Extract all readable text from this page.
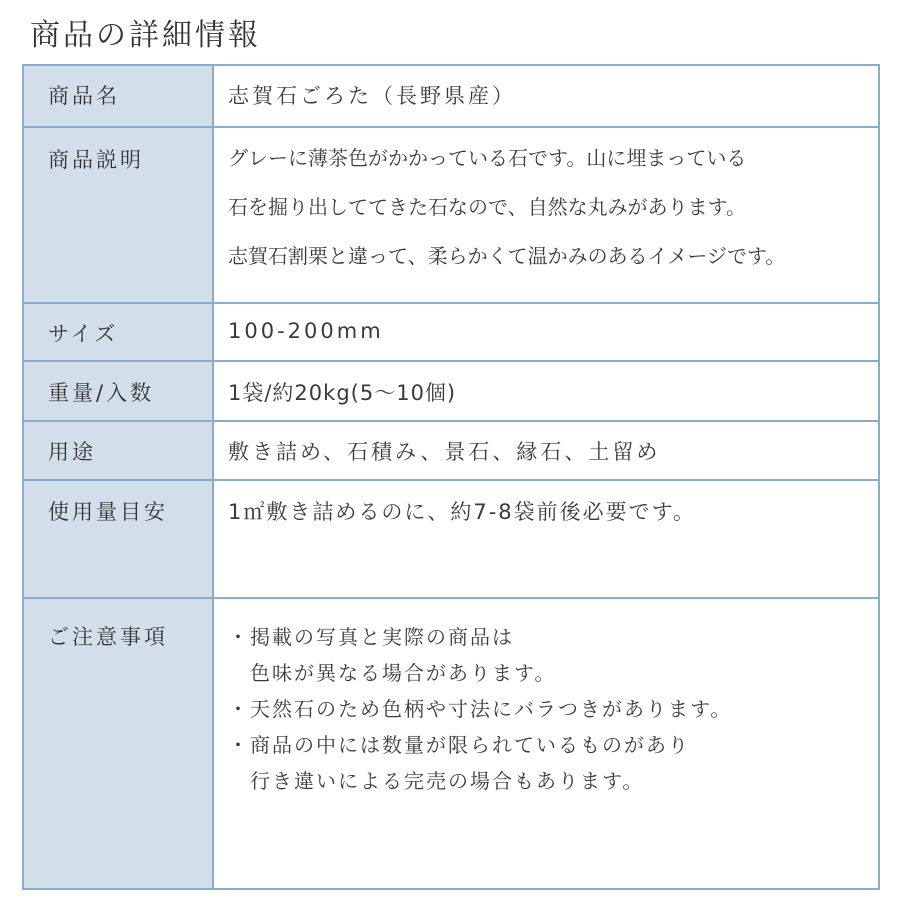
商品の詳細情報
商品名	志賀石ごろた（長野県産）
商品説明	グレーに薄茶色がかかっている石です。山に埋まっている
石を掘り出しててきた石なので、自然な丸みがあります。
志賀石割栗と違って、柔らかくて温かみのあるイメージです。
サイズ	100-200mm
重量/入数	1袋/約20kg(5〜10個)
用途	敷き詰め、石積み、景石、縁石、土留め
使用量目安	1㎡敷き詰めるのに、約7-8袋前後必要です。
ご注意事項	・掲載の写真と実際の商品は
　色味が異なる場合があります。
・天然石のため色柄や寸法にバラつきがあります。
・商品の中には数量が限られているものがあり
　行き違いによる完売の場合もあります。
